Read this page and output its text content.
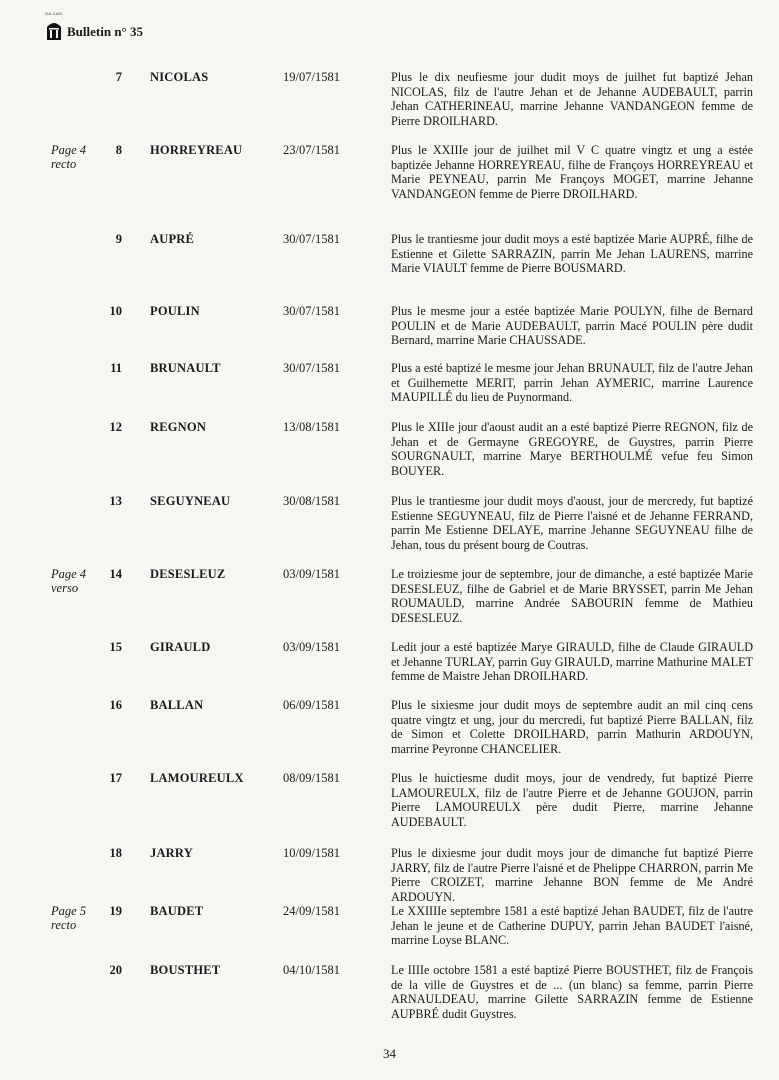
GA.CAS.
Bulletin n° 35
7 NICOLAS	19/07/1581	Plus le dix neufiesme jour dudit moys de juilhet fut baptizé Jehan NICOLAS, filz de l'autre Jehan et de Jehanne AUDEBAULT, parrin Jehan CATHERINEAU, marrine Jehanne VANDANGEON femme de Pierre DROILHARD.
Page 4 recto
8 HORREYREAU	23/07/1581	Plus le XXIIIe jour de juilhet mil V C quatre vingtz et ung a estée baptizée Jehanne HORREYREAU, filhe de Françoys HORREYREAU et Marie PEYNEAU, parrin Me Françoys MOGET, marrine Jehanne VANDANGEON femme de Pierre DROILHARD.
9 AUPRÉ	30/07/1581	Plus le trantiesme jour dudit moys a esté baptizée Marie AUPRÉ, filhe de Estienne et Gilette SARRAZIN, parrin Me Jehan LAURENS, marrine Marie VIAULT femme de Pierre BOUSMARD.
10 POULIN	30/07/1581	Plus le mesme jour a estée baptizée Marie POULYN, filhe de Bernard POULIN et de Marie AUDEBAULT, parrin Macé POULIN père dudit Bernard, marrine Marie CHAUSSADE.
11 BRUNAULT	30/07/1581	Plus a esté baptizé le mesme jour Jehan BRUNAULT, filz de l'autre Jehan et Guilhemette MERIT, parrin Jehan AYMERIC, marrine Laurence MAUPILLÉ du lieu de Puynormand.
12 REGNON	13/08/1581	Plus le XIIIe jour d'aoust audit an a esté baptizé Pierre REGNON, filz de Jehan et de Germayne GREGOYRE, de Guystres, parrin Pierre SOURGNAULT, marrine Marye BERTHOULMÉ vefue feu Simon BOUYER.
13 SEGUYNEAU	30/08/1581	Plus le trantiesme jour dudit moys d'aoust, jour de mercredy, fut baptizé Estienne SEGUYNEAU, filz de Pierre l'aisné et de Jehanne FERRAND, parrin Me Estienne DELAYE, marrine Jehanne SEGUYNEAU filhe de Jehan, tous du présent bourg de Coutras.
Page 4 verso
14 DESESLEUZ	03/09/1581	Le troiziesme jour de septembre, jour de dimanche, a esté baptizée Marie DESESLEUZ, filhe de Gabriel et de Marie BRYSSET, parrin Me Jehan ROUMAULD, marrine Andrée SABOURIN femme de Mathieu DESESLEUZ.
15 GIRAULD	03/09/1581	Ledit jour a esté baptizée Marye GIRAULD, filhe de Claude GIRAULD et Jehanne TURLAY, parrin Guy GIRAULD, marrine Mathurine MALET femme de Maistre Jehan DROILHARD.
16 BALLAN	06/09/1581	Plus le sixiesme jour dudit moys de septembre audit an mil cinq cens quatre vingtz et ung, jour du mercredi, fut baptizé Pierre BALLAN, filz de Simon et Colette DROILHARD, parrin Mathurin ARDOUYN, marrine Peyronne CHANCELIER.
17 LAMOUREULX	08/09/1581	Plus le huictiesme dudit moys, jour de vendredy, fut baptizé Pierre LAMOUREULX, filz de l'autre Pierre et de Jehanne GOUJON, parrin Pierre LAMOUREULX père dudit Pierre, marrine Jehanne AUDEBAULT.
18 JARRY	10/09/1581	Plus le dixiesme jour dudit moys jour de dimanche fut baptizé Pierre JARRY, filz de l'autre Pierre l'aisné et de Phelippe CHARRON, parrin Me Pierre CROIZET, marrine Jehanne BON femme de Me André ARDOUYN.
Page 5 recto
19 BAUDET	24/09/1581	Le XXIIIIe septembre 1581 a esté baptizé Jehan BAUDET, filz de l'autre Jehan le jeune et de Catherine DUPUY, parrin Jehan BAUDET l'aisné, marrine Loyse BLANC.
20 BOUSTHET	04/10/1581	Le IIIIe octobre 1581 a esté baptizé Pierre BOUSTHET, filz de François de la ville de Guystres et de ... (un blanc) sa femme, parrin Pierre ARNAULDEAU, marrine Gilette SARRAZIN femme de Estienne AUPBRÉ dudit Guystres.
34
